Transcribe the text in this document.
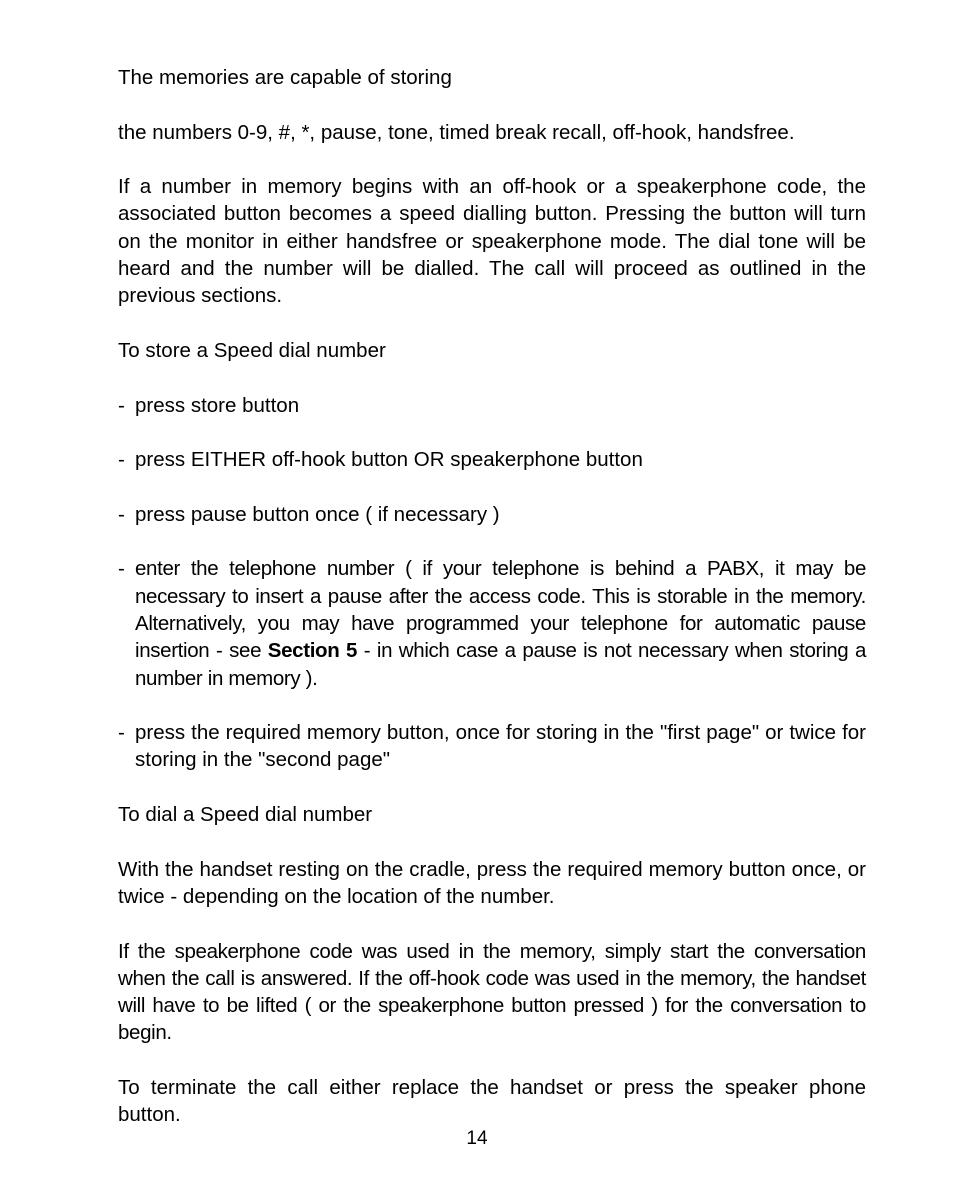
The memories are capable of storing

the numbers 0-9, #, *, pause, tone, timed break recall, off-hook, handsfree.

If a number in memory begins with an off-hook or a speakerphone code, the associated button becomes a speed dialling button. Pressing the button will turn on the monitor in either handsfree or speakerphone mode. The dial tone will be heard and the number will be dialled. The call will proceed as outlined in the previous sections.

To store a Speed dial number

- press store button
- press EITHER off-hook button OR speakerphone button
- press pause button once ( if necessary )
- enter the telephone number ( if your telephone is behind a PABX, it may be necessary to insert a pause after the access code. This is storable in the memory. Alternatively, you may have programmed your telephone for automatic pause insertion - see Section 5 - in which case a pause is not necessary when storing a number in memory ).
- press the required memory button, once for storing in the "first page" or twice for storing in the "second page"

To dial a Speed dial number

With the handset resting on the cradle, press the required memory button once, or twice - depending on the location of the number.

If the speakerphone code was used in the memory, simply start the conversation when the call is answered. If the off-hook code was used in the memory, the handset will have to be lifted ( or the speakerphone button pressed ) for the conversation to begin.

To terminate the call either replace the handset or press the speaker phone button.

14
